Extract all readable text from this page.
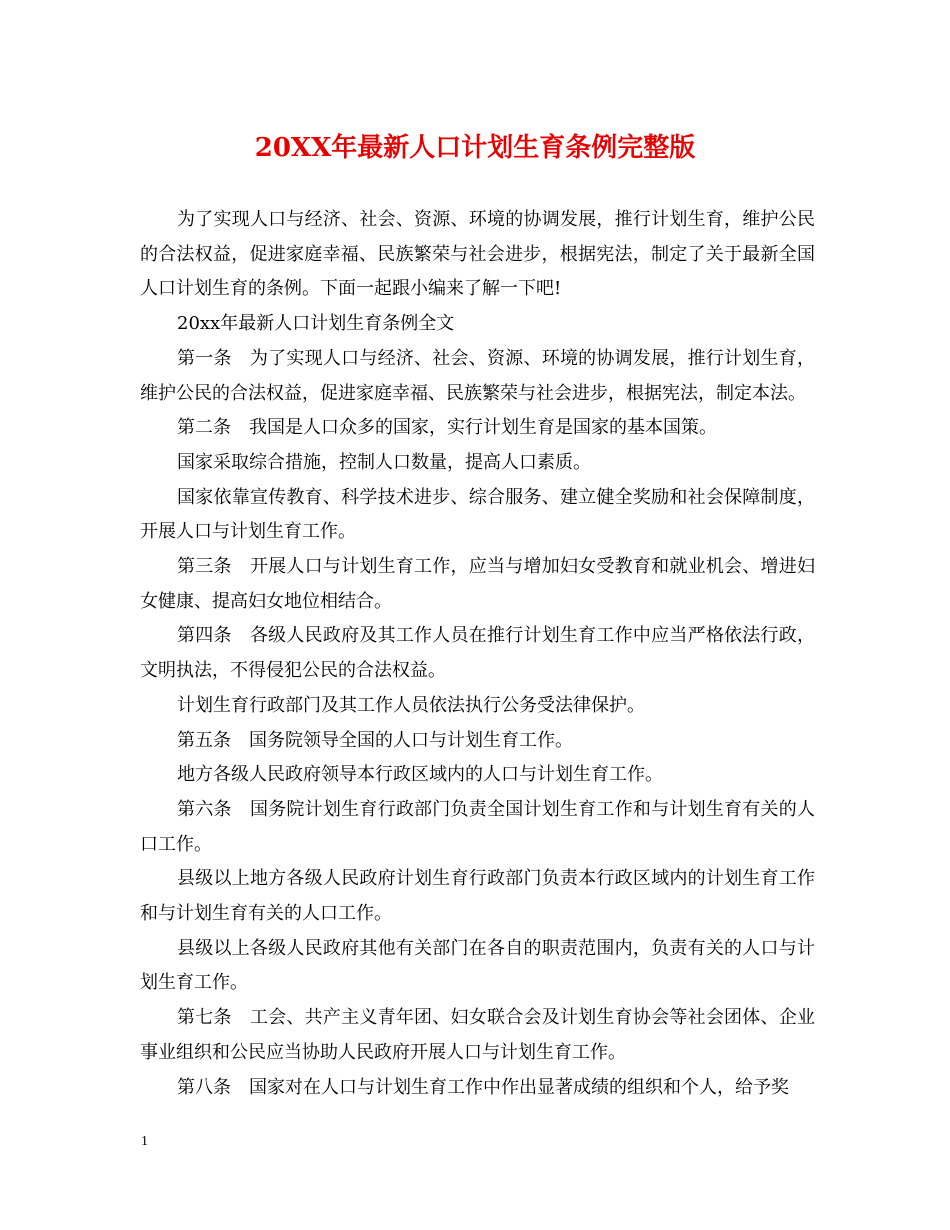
20XX年最新人口计划生育条例完整版

为了实现人口与经济、社会、资源、环境的协调发展，推行计划生育，维护公民的合法权益，促进家庭幸福、民族繁荣与社会进步，根据宪法，制定了关于最新全国人口计划生育的条例。下面一起跟小编来了解一下吧!

20xx年最新人口计划生育条例全文

第一条　为了实现人口与经济、社会、资源、环境的协调发展，推行计划生育，维护公民的合法权益，促进家庭幸福、民族繁荣与社会进步，根据宪法，制定本法。

第二条　我国是人口众多的国家，实行计划生育是国家的基本国策。

国家采取综合措施，控制人口数量，提高人口素质。

国家依靠宣传教育、科学技术进步、综合服务、建立健全奖励和社会保障制度，开展人口与计划生育工作。

第三条　开展人口与计划生育工作，应当与增加妇女受教育和就业机会、增进妇女健康、提高妇女地位相结合。

第四条　各级人民政府及其工作人员在推行计划生育工作中应当严格依法行政，文明执法，不得侵犯公民的合法权益。

计划生育行政部门及其工作人员依法执行公务受法律保护。

第五条　国务院领导全国的人口与计划生育工作。

地方各级人民政府领导本行政区域内的人口与计划生育工作。

第六条　国务院计划生育行政部门负责全国计划生育工作和与计划生育有关的人口工作。

县级以上地方各级人民政府计划生育行政部门负责本行政区域内的计划生育工作和与计划生育有关的人口工作。

县级以上各级人民政府其他有关部门在各自的职责范围内，负责有关的人口与计划生育工作。

第七条　工会、共产主义青年团、妇女联合会及计划生育协会等社会团体、企业事业组织和公民应当协助人民政府开展人口与计划生育工作。

第八条　国家对在人口与计划生育工作中作出显著成绩的组织和个人，给予奖

1
